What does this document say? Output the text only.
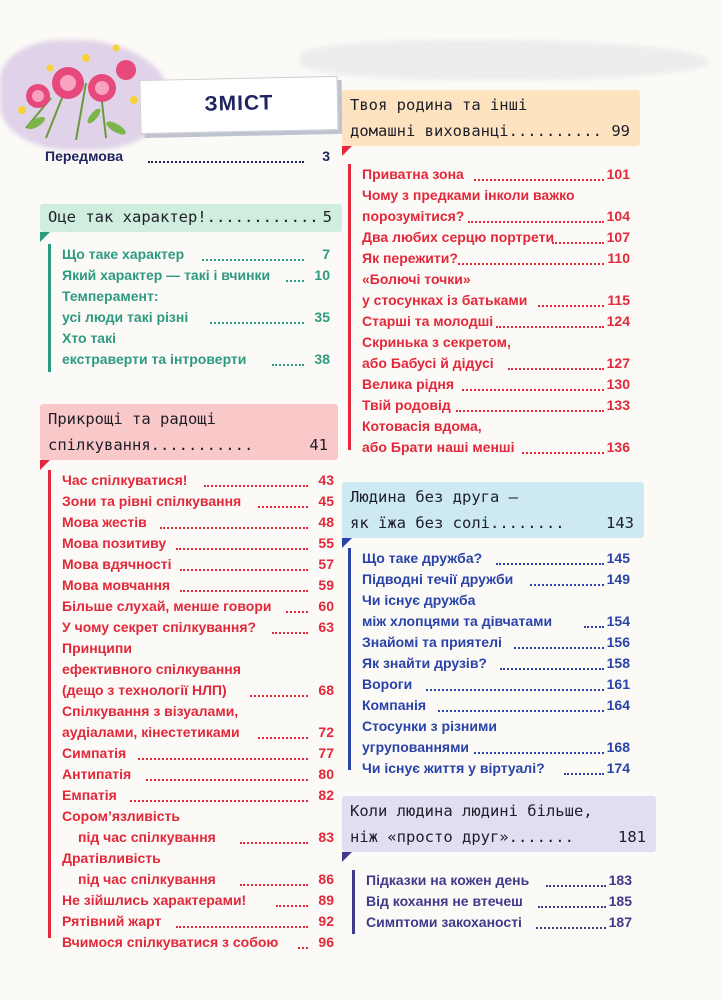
ЗМІСТ
Передмова	3
Оце так характер!............ 5
Що таке характер	7
Який характер — такі і вчинки	10
Темперамент:
усі люди такі різні	35
Хто такі
екстраверти та інтроверти	38
Прикрощі та радощі
спілкування...........	41
Час спілкуватися!	43
Зони та рівні спілкування	45
Мова жестів	48
Мова позитиву	55
Мова вдячності	57
Мова мовчання	59
Більше слухай, менше говори	60
У чому секрет спілкування?	63
Принципи
ефективного спілкування
(дещо з технології НЛП)	68
Спілкування з візуалами,
аудіалами, кінестетиками	72
Симпатія	77
Антипатія	80
Емпатія	82
Сором’язливість
під час спілкування	83
Дратівливість
під час спілкування	86
Не зійшлись характерами!	89
Рятівний жарт	92
Вчимося спілкуватися з собою	96
Твоя родина та інші
домашні вихованці.......... 99
Приватна зона	101
Чому з предками інколи важко
порозумітися?	104
Два любих серцю портрети	107
Як пережити?	110
«Болючі точки»
у стосунках із батьками	115
Старші та молодші	124
Скринька з секретом,
або Бабусі й дідусі	127
Велика рідня	130
Твій родовід	133
Котовасія вдома,
або Брати наші менші	136
Людина без друга —
як їжа без солі........	143
Що таке дружба?	145
Підводні течії дружби	149
Чи існує дружба
між хлопцями та дівчатами	154
Знайомі та приятелі	156
Як знайти друзів?	158
Вороги	161
Компанія	164
Стосунки з різними
угрупованнями	168
Чи існує життя у віртуалі?	174
Коли людина людині більше,
ніж «просто друг».......	181
Підказки на кожен день	183
Від кохання не втечеш	185
Симптоми закоханості	187
